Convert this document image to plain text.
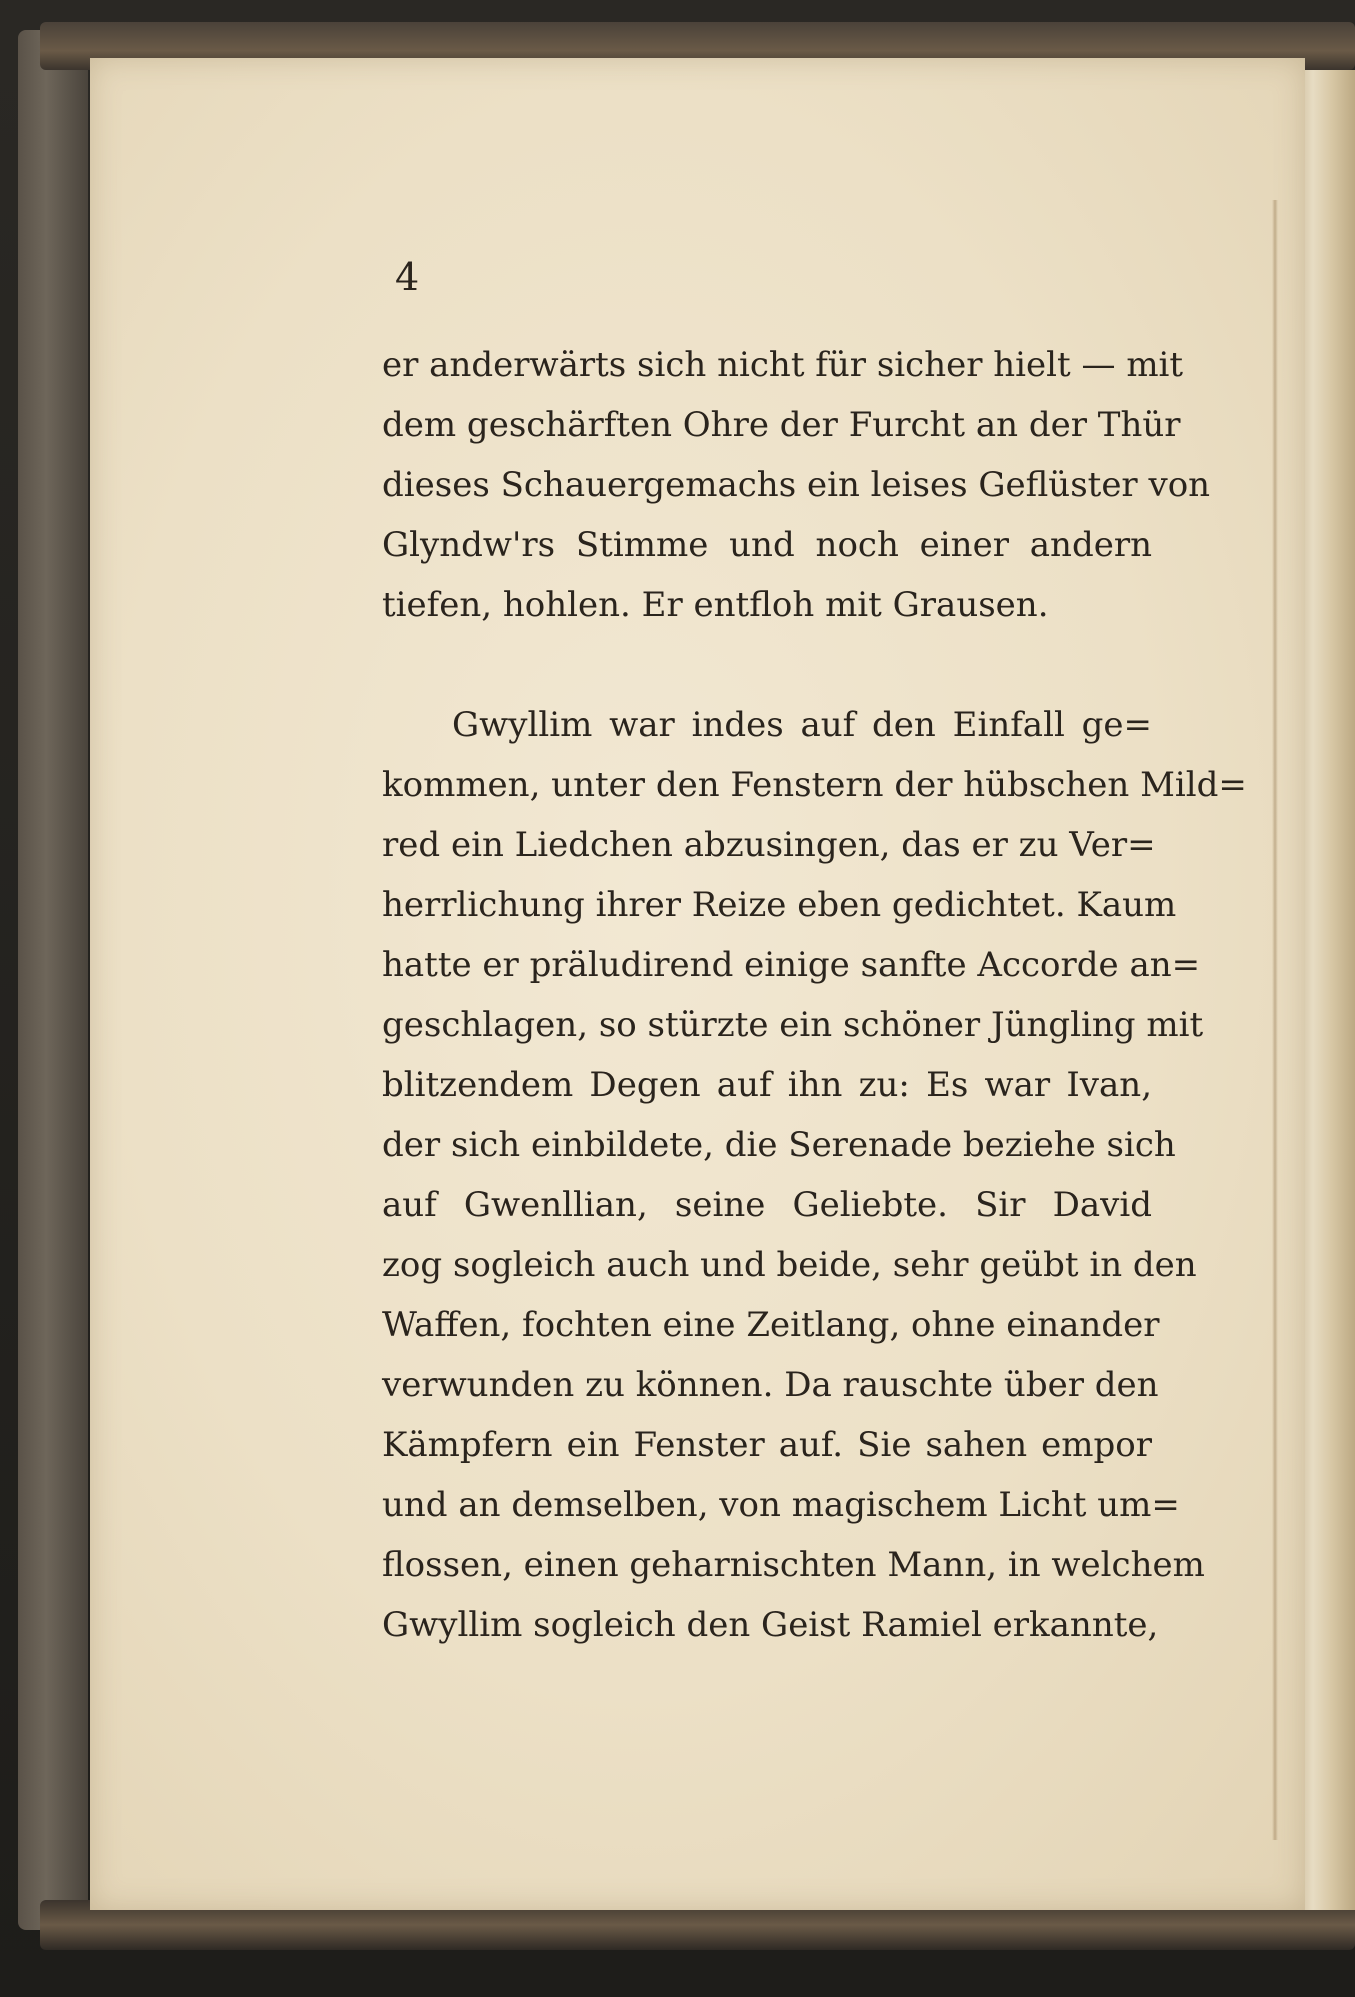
4
er anderwärts sich nicht für sicher hielt — mit
dem geschärften Ohre der Furcht an der Thür
dieses Schauergemachs ein leises Geflüster von
Glyndw'rs Stimme und noch einer andern
tiefen, hohlen. Er entfloh mit Grausen.
Gwyllim war indes auf den Einfall ge=
kommen, unter den Fenstern der hübschen Mild=
red ein Liedchen abzusingen, das er zu Ver=
herrlichung ihrer Reize eben gedichtet. Kaum
hatte er präludirend einige sanfte Accorde an=
geschlagen, so stürzte ein schöner Jüngling mit
blitzendem Degen auf ihn zu: Es war Ivan,
der sich einbildete, die Serenade beziehe sich
auf Gwenllian, seine Geliebte. Sir David
zog sogleich auch und beide, sehr geübt in den
Waffen, fochten eine Zeitlang, ohne einander
verwunden zu können. Da rauschte über den
Kämpfern ein Fenster auf. Sie sahen empor
und an demselben, von magischem Licht um=
flossen, einen geharnischten Mann, in welchem
Gwyllim sogleich den Geist Ramiel erkannte,
